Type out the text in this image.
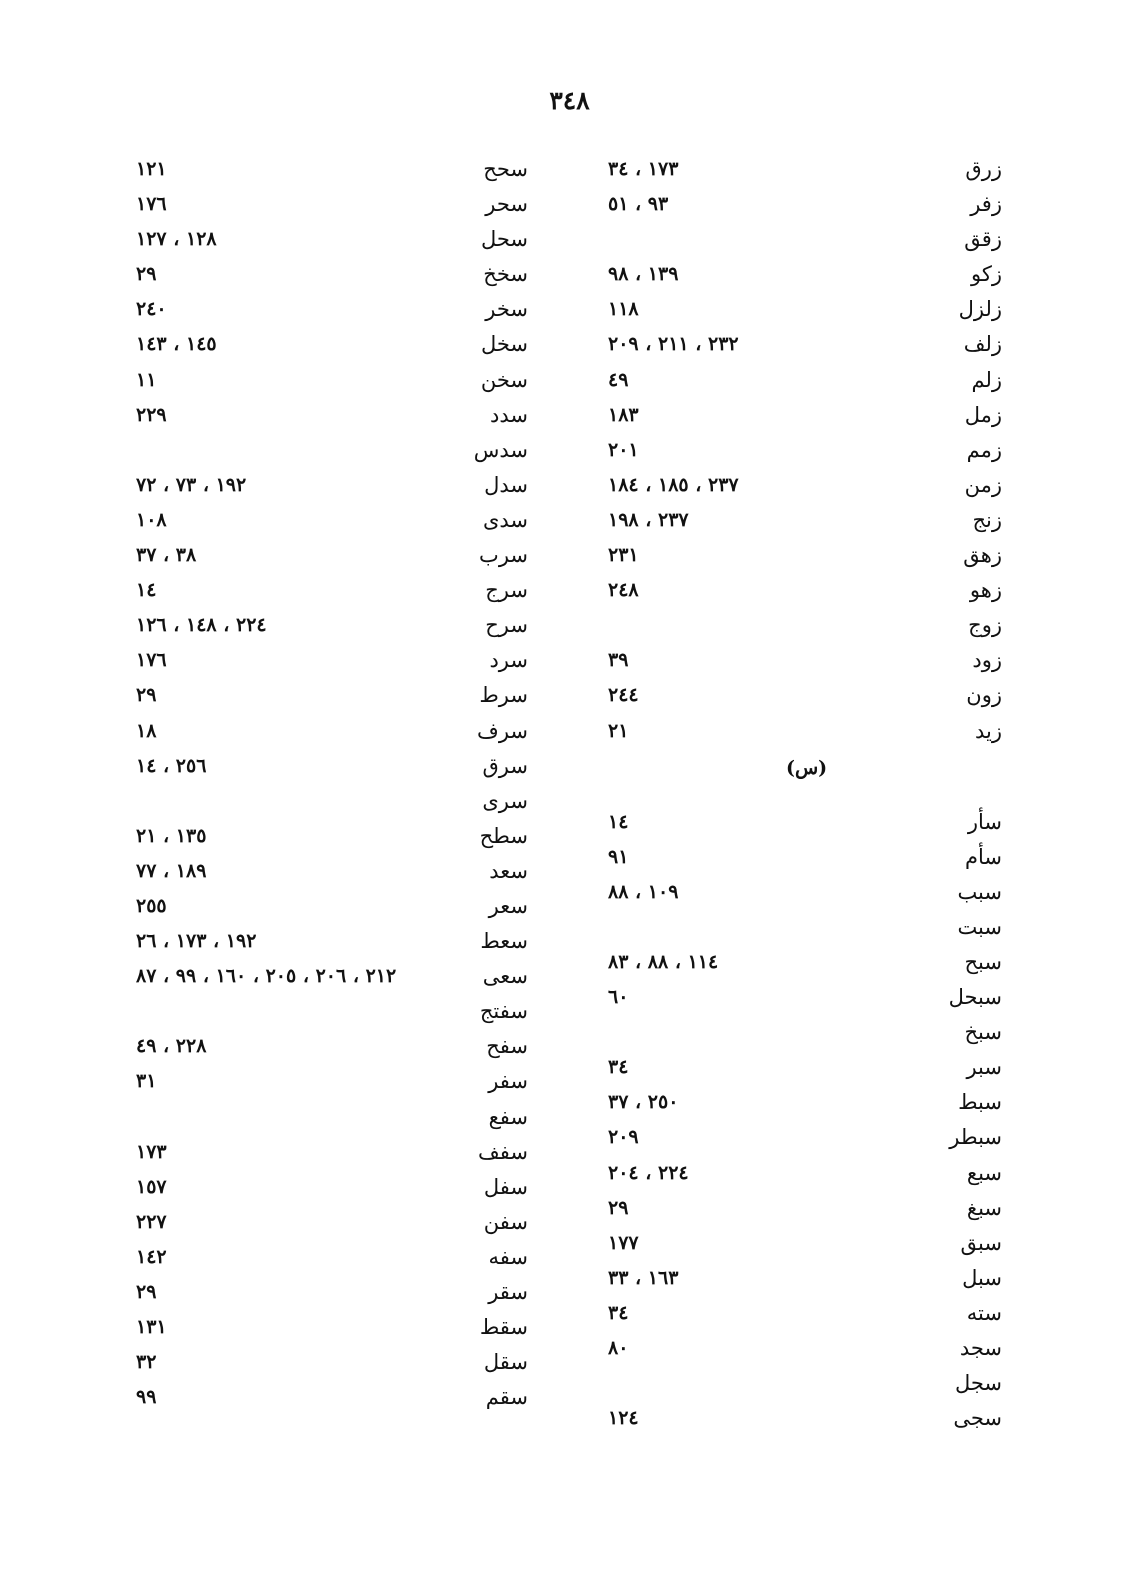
٣٤٨
زرق
١٧٣ ، ٣٤
زفر
٩٣ ، ٥١
زقق
زكو
١٣٩ ، ٩٨
زلزل
١١٨
زلف
٢٣٢ ، ٢١١ ، ٢٠٩
زلم
٤٩
زمل
١٨٣
زمم
٢٠١
زمن
٢٣٧ ، ١٨٥ ، ١٨٤
زنج
٢٣٧ ، ١٩٨
زهق
٢٣١
زهو
٢٤٨
زوج
زود
٣٩
زون
٢٤٤
زيد
٢١
(س)
سأر
١٤
سأم
٩١
سبب
١٠٩ ، ٨٨
سبت
سبح
١١٤ ، ٨٨ ، ٨٣
سبحل
٦٠
سبخ
سبر
٣٤
سبط
٢٥٠ ، ٣٧
سبطر
٢٠٩
سبع
٢٢٤ ، ٢٠٤
سبغ
٢٩
سبق
١٧٧
سبل
١٦٣ ، ٣٣
سته
٣٤
سجد
٨٠
سجل
سجى
١٢٤
سحح
١٢١
سحر
١٧٦
سحل
١٢٨ ، ١٢٧
سخخ
٢٩
سخر
٢٤٠
سخل
١٤٥ ، ١٤٣
سخن
١١
سدد
٢٢٩
سدس
سدل
١٩٢ ، ٧٣ ، ٧٢
سدى
١٠٨
سرب
٣٨ ، ٣٧
سرج
١٤
سرح
٢٢٤ ، ١٤٨ ، ١٢٦
سرد
١٧٦
سرط
٢٩
سرف
١٨
سرق
٢٥٦ ، ١٤
سرى
سطح
١٣٥ ، ٢١
سعد
١٨٩ ، ٧٧
سعر
٢٥٥
سعط
١٩٢ ، ١٧٣ ، ٢٦
سعى
٢١٢ ، ٢٠٦ ، ٢٠٥ ، ١٦٠ ، ٩٩ ، ٨٧
سفتج
سفح
٢٢٨ ، ٤٩
سفر
٣١
سفع
سفف
١٧٣
سفل
١٥٧
سفن
٢٢٧
سفه
١٤٢
سقر
٢٩
سقط
١٣١
سقل
٣٢
سقم
٩٩
